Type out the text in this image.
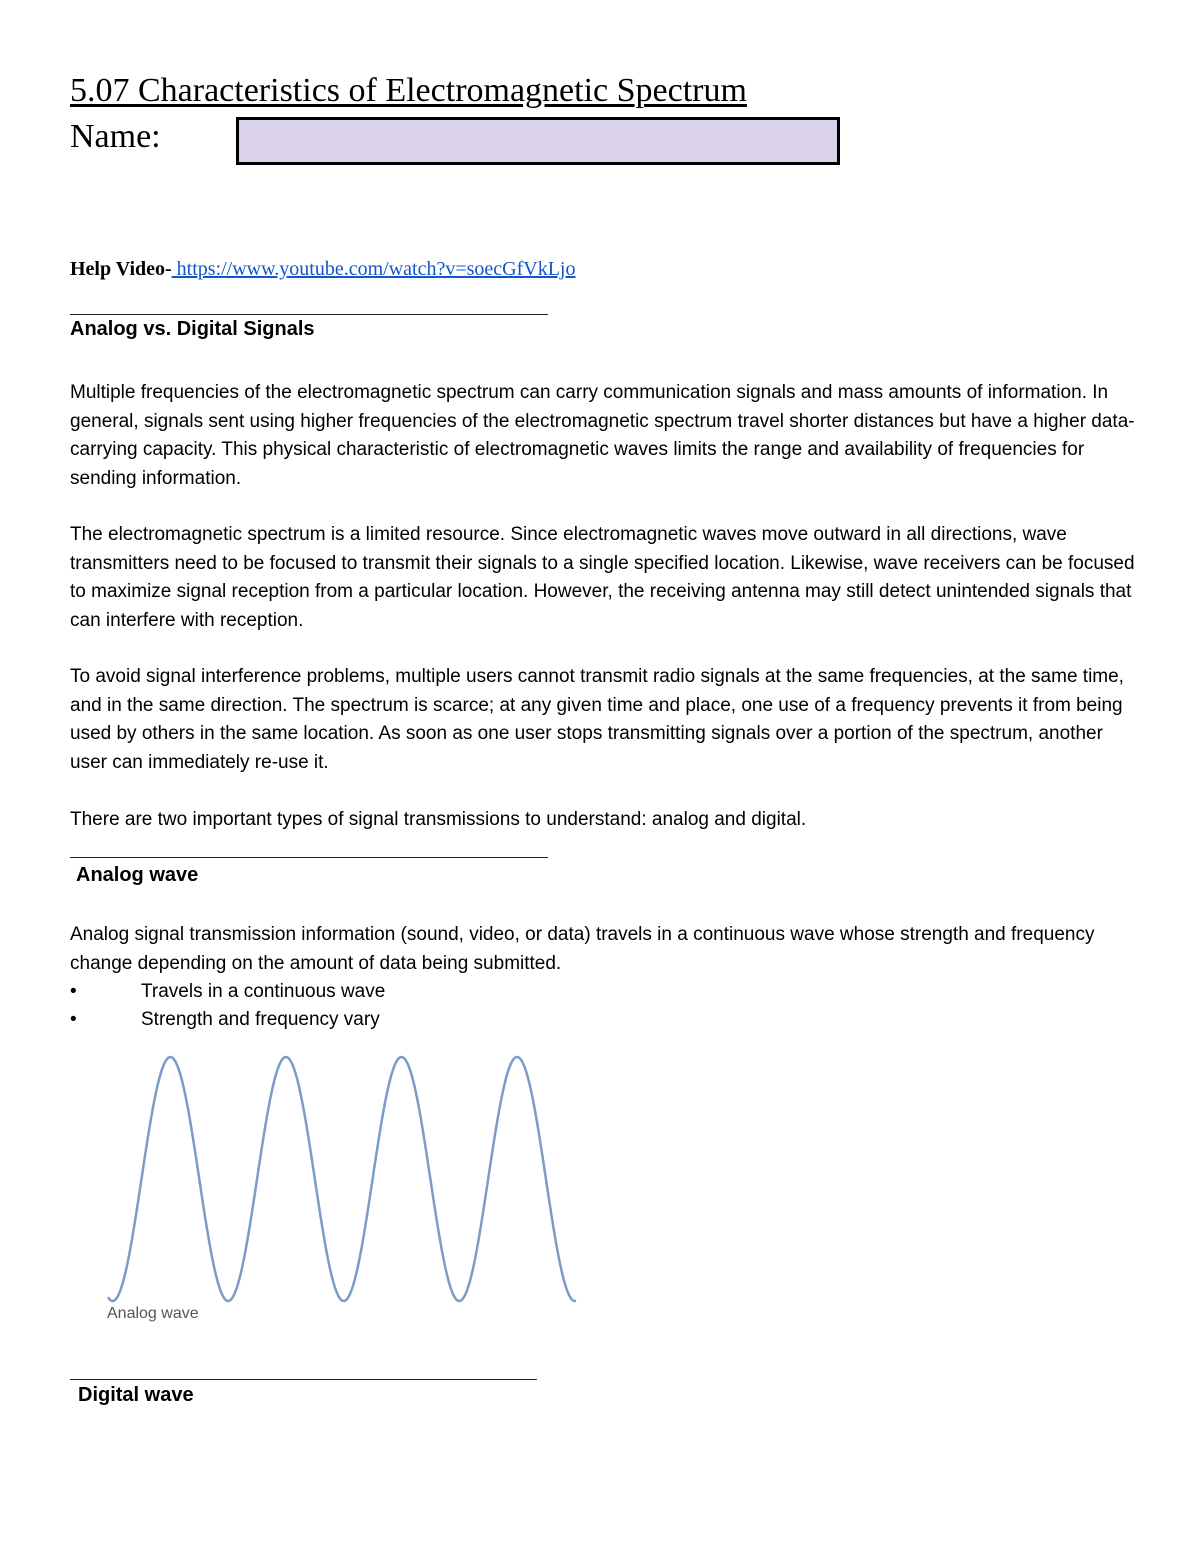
5.07 Characteristics of Electromagnetic Spectrum
Name:
Help Video- https://www.youtube.com/watch?v=soecGfVkLjo
Analog vs. Digital Signals
Multiple frequencies of the electromagnetic spectrum can carry communication signals and mass amounts of information. In general, signals sent using higher frequencies of the electromagnetic spectrum travel shorter distances but have a higher data-carrying capacity. This physical characteristic of electromagnetic waves limits the range and availability of frequencies for sending information.
The electromagnetic spectrum is a limited resource. Since electromagnetic waves move outward in all directions, wave transmitters need to be focused to transmit their signals to a single specified location. Likewise, wave receivers can be focused to maximize signal reception from a particular location. However, the receiving antenna may still detect unintended signals that can interfere with reception.
To avoid signal interference problems, multiple users cannot transmit radio signals at the same frequencies, at the same time, and in the same direction. The spectrum is scarce; at any given time and place, one use of a frequency prevents it from being used by others in the same location. As soon as one user stops transmitting signals over a portion of the spectrum, another user can immediately re-use it.
There are two important types of signal transmissions to understand: analog and digital.
Analog wave
Analog signal transmission information (sound, video, or data) travels in a continuous wave whose strength and frequency change depending on the amount of data being submitted.
•	Travels in a continuous wave
•	Strength and frequency vary
Analog wave
Digital wave
